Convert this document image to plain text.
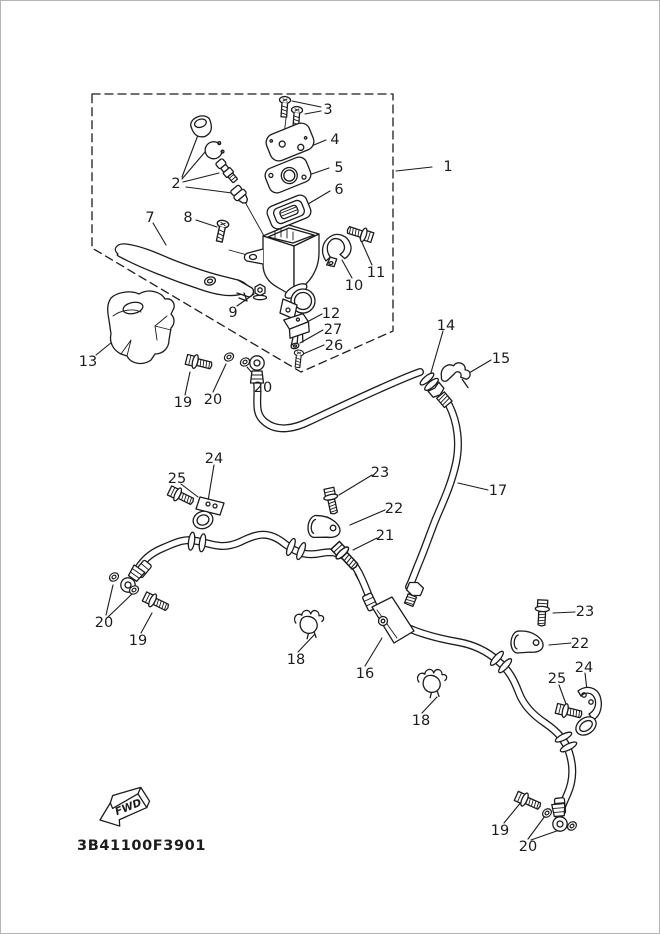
FWD
3B41100F3901
1
2
3
4
5
6
7 8
9
10
11
12
27
26
13
19 20
20
14
15
17
23
22
21
24
25
20
19
18
16
18
23
22
24
25
19
20
